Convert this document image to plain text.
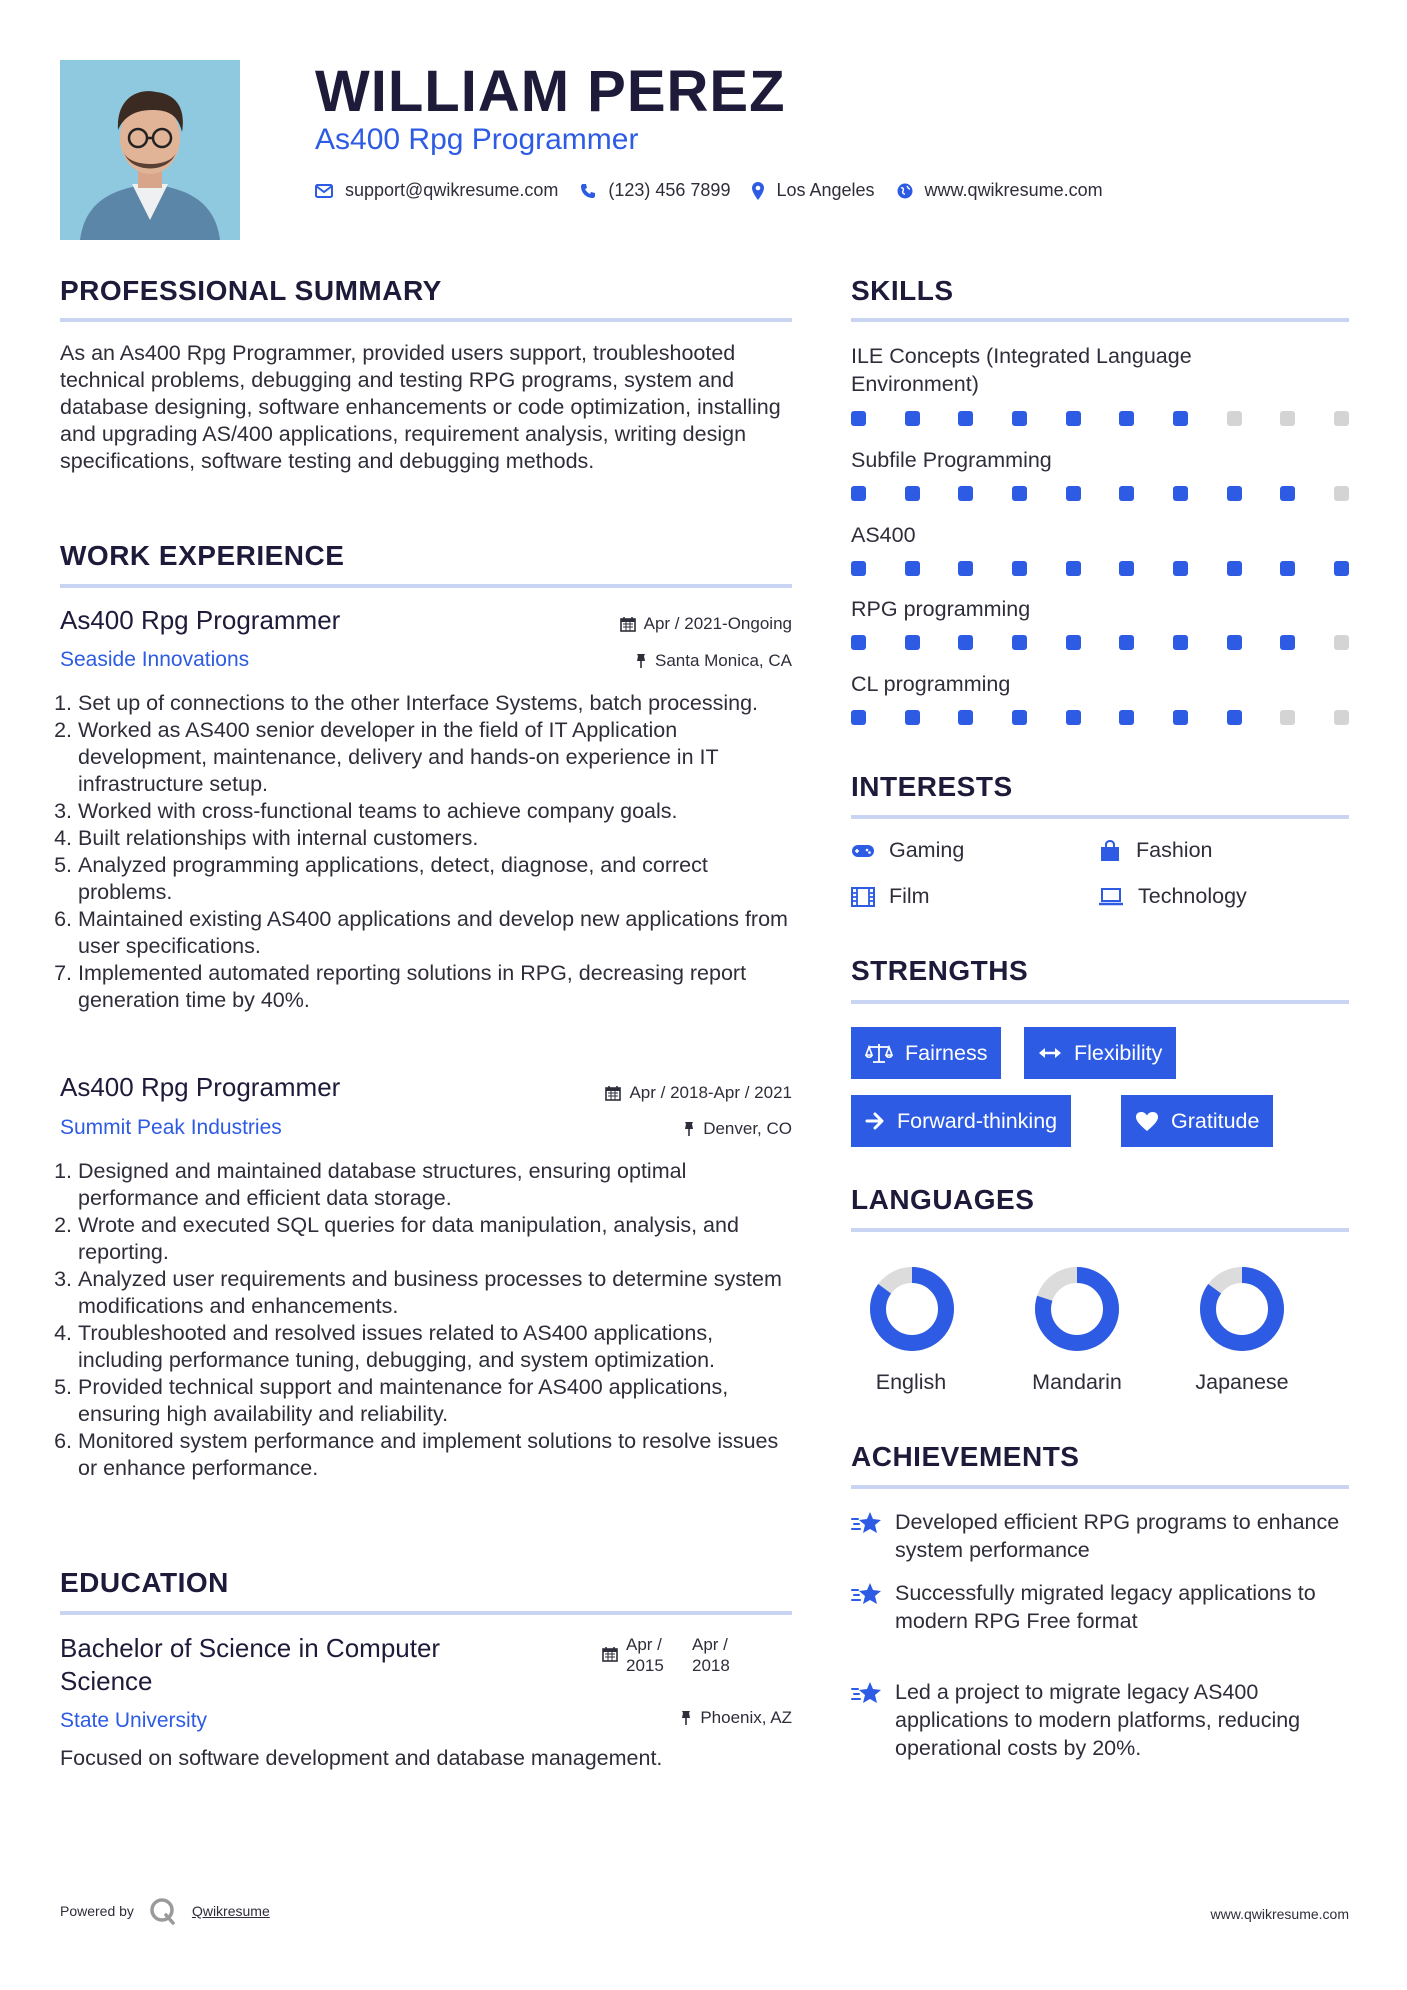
WILLIAM PEREZ
As400 Rpg Programmer
support@qwikresume.com	(123) 456 7899	Los Angeles	www.qwikresume.com
PROFESSIONAL SUMMARY
As an As400 Rpg Programmer, provided users support, troubleshooted technical problems, debugging and testing RPG programs, system and database designing, software enhancements or code optimization, installing and upgrading AS/400 applications, requirement analysis, writing design specifications, software testing and debugging methods.
WORK EXPERIENCE
As400 Rpg Programmer	Apr / 2021-Ongoing
Seaside Innovations	Santa Monica, CA
1. Set up of connections to the other Interface Systems, batch processing.
2. Worked as AS400 senior developer in the field of IT Application development, maintenance, delivery and hands-on experience in IT infrastructure setup.
3. Worked with cross-functional teams to achieve company goals.
4. Built relationships with internal customers.
5. Analyzed programming applications, detect, diagnose, and correct problems.
6. Maintained existing AS400 applications and develop new applications from user specifications.
7. Implemented automated reporting solutions in RPG, decreasing report generation time by 40%.
As400 Rpg Programmer	Apr / 2018-Apr / 2021
Summit Peak Industries	Denver, CO
1. Designed and maintained database structures, ensuring optimal performance and efficient data storage.
2. Wrote and executed SQL queries for data manipulation, analysis, and reporting.
3. Analyzed user requirements and business processes to determine system modifications and enhancements.
4. Troubleshooted and resolved issues related to AS400 applications, including performance tuning, debugging, and system optimization.
5. Provided technical support and maintenance for AS400 applications, ensuring high availability and reliability.
6. Monitored system performance and implement solutions to resolve issues or enhance performance.
EDUCATION
Bachelor of Science in Computer Science
Apr / 2015
Apr / 2018
State University	Phoenix, AZ
Focused on software development and database management.
SKILLS
ILE Concepts (Integrated Language Environment)
Subfile Programming
AS400
RPG programming
CL programming
INTERESTS
Gaming	Fashion
Film	Technology
STRENGTHS
Fairness	Flexibility
Forward-thinking	Gratitude
LANGUAGES
English	Mandarin	Japanese
ACHIEVEMENTS
Developed efficient RPG programs to enhance system performance
Successfully migrated legacy applications to modern RPG Free format
Led a project to migrate legacy AS400 applications to modern platforms, reducing operational costs by 20%.
Powered by	Qwikresume	www.qwikresume.com
